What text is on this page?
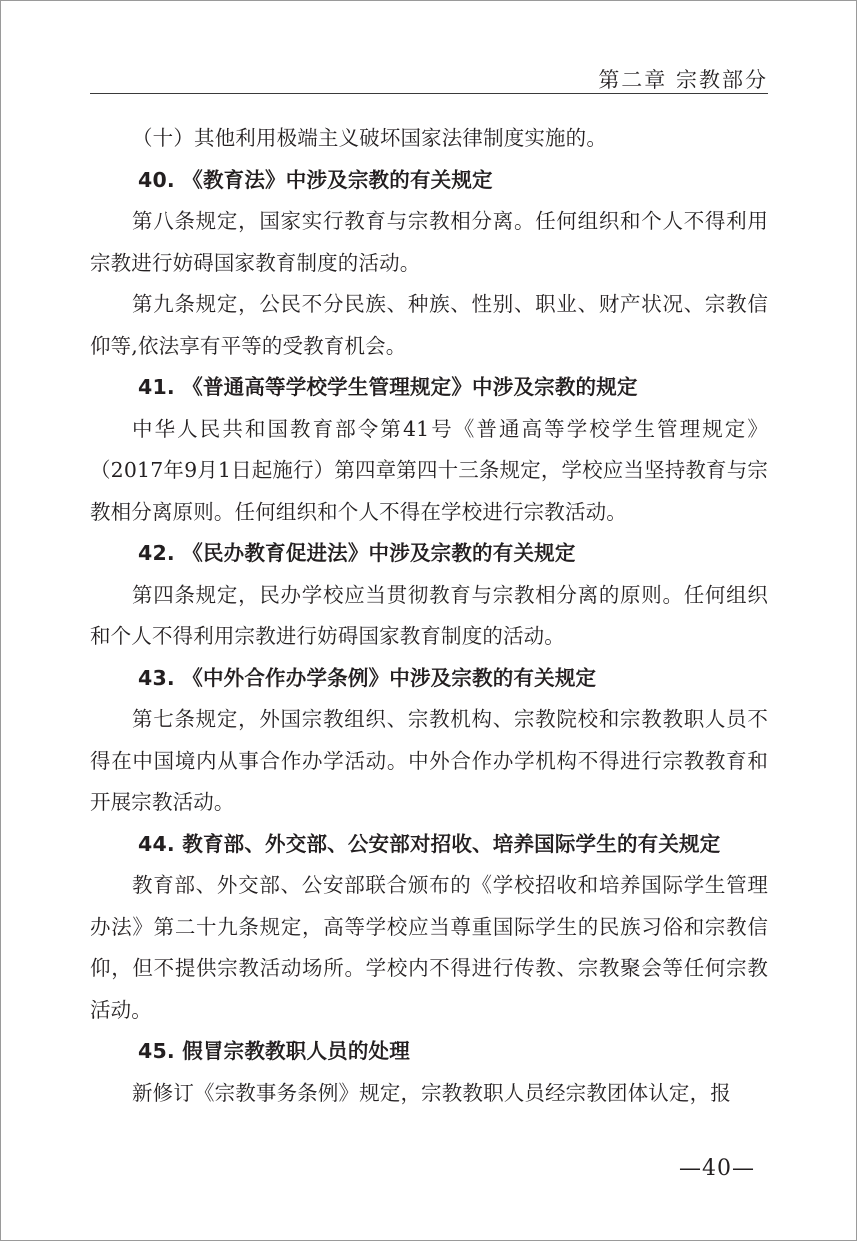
第二章 宗教部分

（十）其他利用极端主义破坏国家法律制度实施的。

40. 《教育法》中涉及宗教的有关规定

第八条规定，国家实行教育与宗教相分离。任何组织和个人不得利用宗教进行妨碍国家教育制度的活动。

第九条规定，公民不分民族、种族、性别、职业、财产状况、宗教信仰等,依法享有平等的受教育机会。

41. 《普通高等学校学生管理规定》中涉及宗教的规定

中华人民共和国教育部令第41号《普通高等学校学生管理规定》（2017年9月1日起施行）第四章第四十三条规定，学校应当坚持教育与宗教相分离原则。任何组织和个人不得在学校进行宗教活动。

42. 《民办教育促进法》中涉及宗教的有关规定

第四条规定，民办学校应当贯彻教育与宗教相分离的原则。任何组织和个人不得利用宗教进行妨碍国家教育制度的活动。

43. 《中外合作办学条例》中涉及宗教的有关规定

第七条规定，外国宗教组织、宗教机构、宗教院校和宗教教职人员不得在中国境内从事合作办学活动。中外合作办学机构不得进行宗教教育和开展宗教活动。

44. 教育部、外交部、公安部对招收、培养国际学生的有关规定

教育部、外交部、公安部联合颁布的《学校招收和培养国际学生管理办法》第二十九条规定，高等学校应当尊重国际学生的民族习俗和宗教信仰，但不提供宗教活动场所。学校内不得进行传教、宗教聚会等任何宗教活动。

45. 假冒宗教教职人员的处理

新修订《宗教事务条例》规定，宗教教职人员经宗教团体认定，报

—40—
